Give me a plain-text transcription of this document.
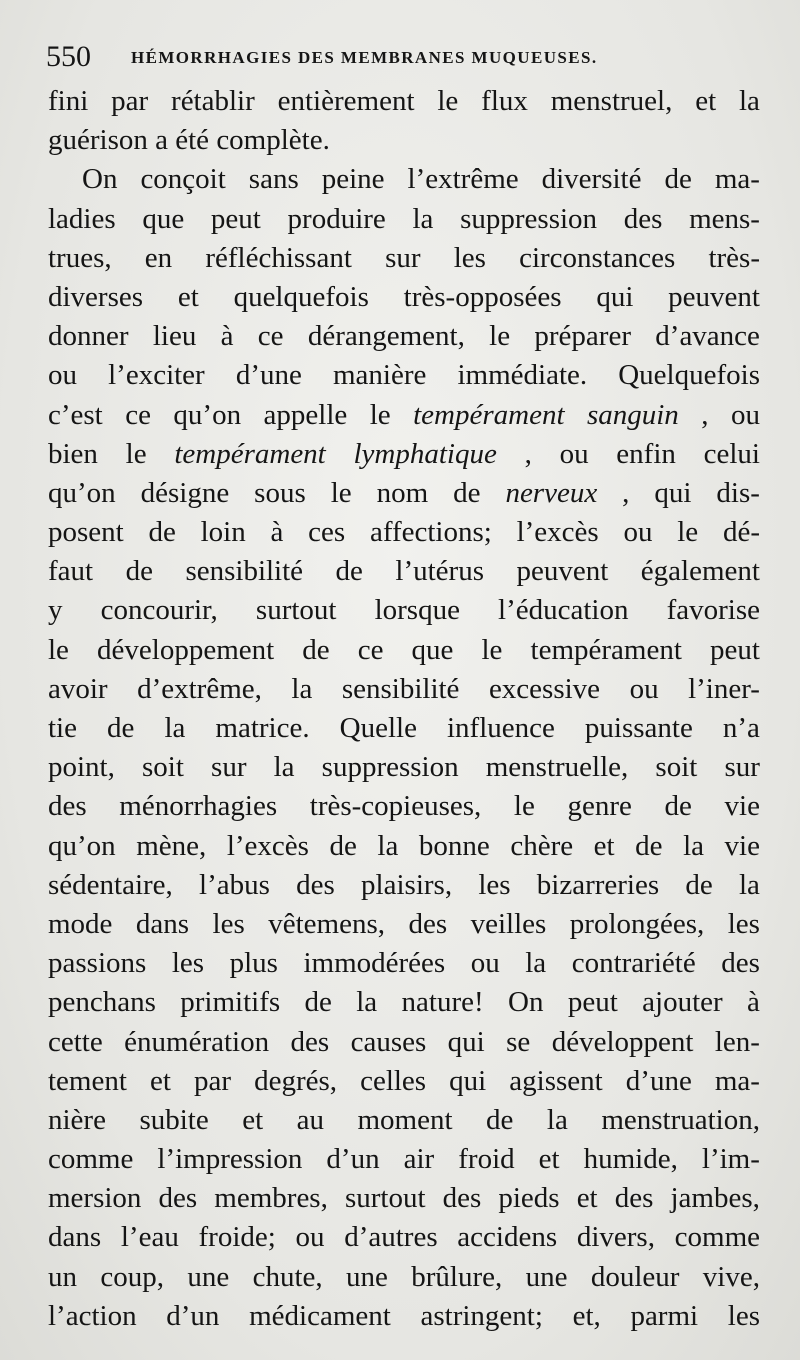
550 HÉMORRHAGIES DES MEMBRANES MUQUEUSES.
fini par rétablir entièrement le flux menstruel, et la
guérison a été complète.
On conçoit sans peine l’extrême diversité de ma-
ladies que peut produire la suppression des mens-
trues, en réfléchissant sur les circonstances très-
diverses et quelquefois très-opposées qui peuvent
donner lieu à ce dérangement, le préparer d’avance
ou l’exciter d’une manière immédiate. Quelquefois
c’est ce qu’on appelle le tempérament sanguin , ou
bien le tempérament lymphatique , ou enfin celui
qu’on désigne sous le nom de nerveux , qui dis-
posent de loin à ces affections; l’excès ou le dé-
faut de sensibilité de l’utérus peuvent également
y concourir, surtout lorsque l’éducation favorise
le développement de ce que le tempérament peut
avoir d’extrême, la sensibilité excessive ou l’iner-
tie de la matrice. Quelle influence puissante n’a
point, soit sur la suppression menstruelle, soit sur
des ménorrhagies très-copieuses, le genre de vie
qu’on mène, l’excès de la bonne chère et de la vie
sédentaire, l’abus des plaisirs, les bizarreries de la
mode dans les vêtemens, des veilles prolongées, les
passions les plus immodérées ou la contrariété des
penchans primitifs de la nature! On peut ajouter à
cette énumération des causes qui se développent len-
tement et par degrés, celles qui agissent d’une ma-
nière subite et au moment de la menstruation,
comme l’impression d’un air froid et humide, l’im-
mersion des membres, surtout des pieds et des jambes,
dans l’eau froide; ou d’autres accidens divers, comme
un coup, une chute, une brûlure, une douleur vive,
l’action d’un médicament astringent; et, parmi les
